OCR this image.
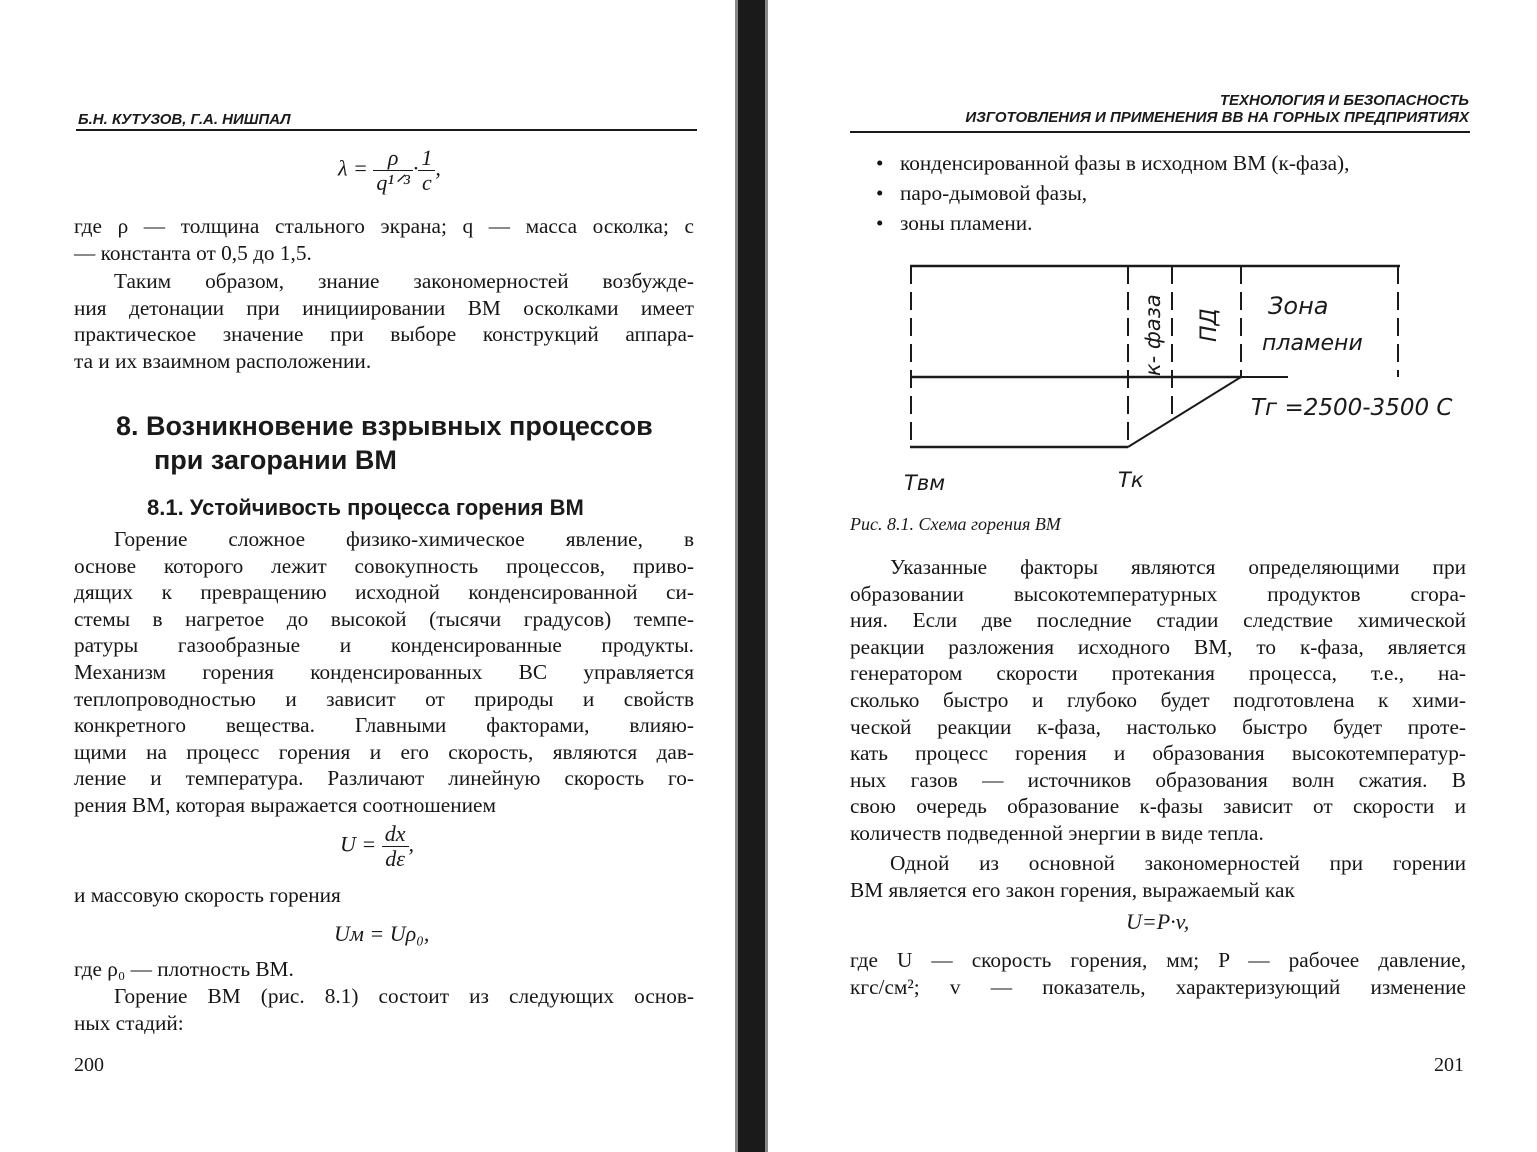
Б.Н. КУТУЗОВ, Г.А. НИШПАЛ
$\lambda = \frac{\rho}{\text{q¹ᐟ³}} \cdot \frac{1}{c}$ ,
где ρ — толщина стального экрана; q — масса осколка; c
— константа от 0,5 до 1,5.
Таким образом, знание закономерностей возбужде-
ния детонации при инициировании ВМ осколками имеет
практическое значение при выборе конструкций аппара-
та и их взаимном расположении.
8. Возникновение взрывных процессов
при загорании ВМ
8.1. Устойчивость процесса горения ВМ
Горение сложное физико-химическое явление, в
основе которого лежит совокупность процессов, приво-
дящих к превращению исходной конденсированной си-
стемы в нагретое до высокой (тысячи градусов) темпе-
ратуры газообразные и конденсированные продукты.
Механизм горения конденсированных ВС управляется
теплопроводностью и зависит от природы и свойств
конкретного вещества. Главными факторами, влияю-
щими на процесс горения и его скорость, являются дав-
ление и температура. Различают линейную скорость го-
рения ВМ, которая выражается соотношением
$U = \frac{dx}{d\varepsilon}$ ,
и массовую скорость горения
Uм = Uρ₀,
где ρ₀ — плотность ВМ.
Горение ВМ (рис. 8.1) состоит из следующих основ-
ных стадий:
200
ТЕХНОЛОГИЯ И БЕЗОПАСНОСТЬ
ИЗГОТОВЛЕНИЯ И ПРИМЕНЕНИЯ ВВ НА ГОРНЫХ ПРЕДПРИЯТИЯХ
• конденсированной фазы в исходном ВМ (к-фаза),
• паро-дымовой фазы,
• зоны пламени.
к- фаза ПД
Зона
пламени
Тг =2500-3500 С
Твм	Тк
Рис. 8.1. Схема горения ВМ
Указанные факторы являются определяющими при
образовании высокотемпературных продуктов сгора-
ния. Если две последние стадии следствие химической
реакции разложения исходного ВМ, то к-фаза, является
генератором скорости протекания процесса, т.е., на-
сколько быстро и глубоко будет подготовлена к хими-
ческой реакции к-фаза, настолько быстро будет проте-
кать процесс горения и образования высокотемператур-
ных газов — источников образования волн сжатия. В
свою очередь образование к-фазы зависит от скорости и
количеств подведенной энергии в виде тепла.
Одной из основной закономерностей при горении
ВМ является его закон горения, выражаемый как
U=P·v,
где U — скорость горения, мм; P — рабочее давление,
кгс/см²; v — показатель, характеризующий изменение
201
